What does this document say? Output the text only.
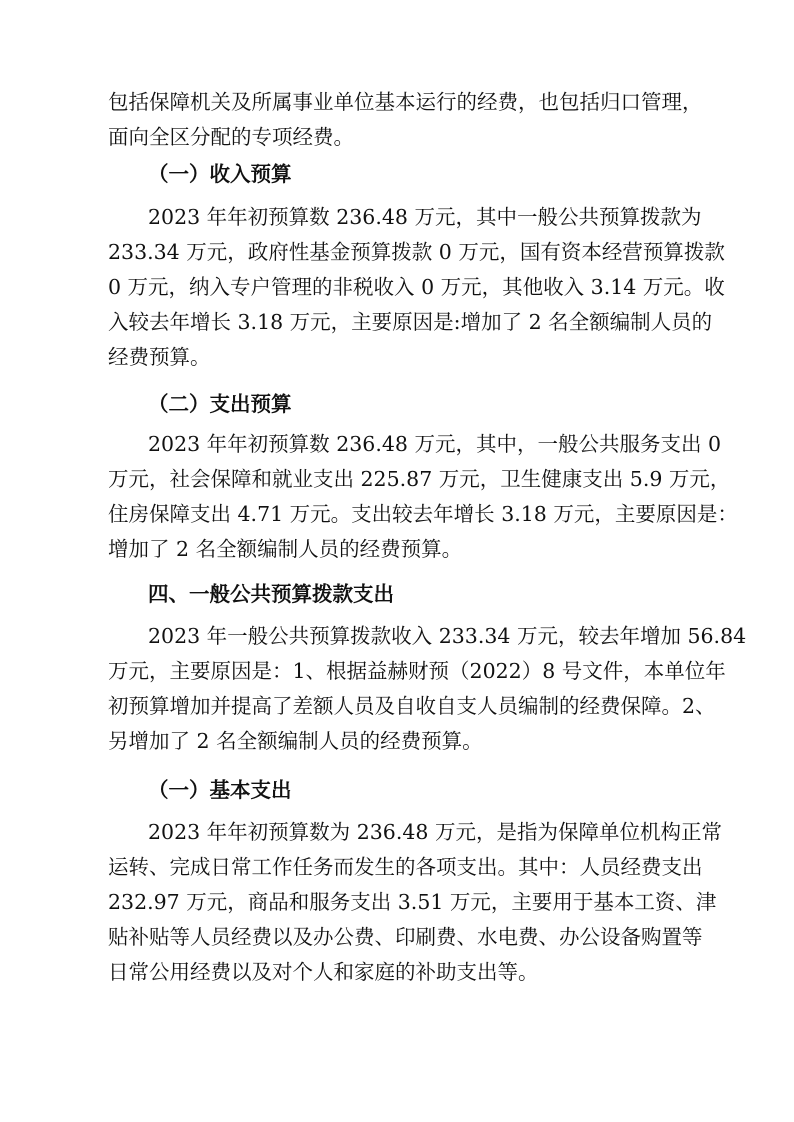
包括保障机关及所属事业单位基本运行的经费，也包括归口管理，
面向全区分配的专项经费。
（一）收入预算
2023 年年初预算数 236.48 万元，其中一般公共预算拨款为
233.34 万元，政府性基金预算拨款 0 万元，国有资本经营预算拨款
0 万元，纳入专户管理的非税收入 0 万元，其他收入 3.14 万元。收
入较去年增长 3.18 万元，主要原因是:增加了 2 名全额编制人员的
经费预算。
（二）支出预算
2023 年年初预算数 236.48 万元，其中，一般公共服务支出 0
万元，社会保障和就业支出 225.87 万元，卫生健康支出 5.9 万元，
住房保障支出 4.71 万元。支出较去年增长 3.18 万元，主要原因是：
增加了 2 名全额编制人员的经费预算。
四、一般公共预算拨款支出
2023 年一般公共预算拨款收入 233.34 万元，较去年增加 56.84
万元，主要原因是：1、根据益赫财预（2022）8 号文件，本单位年
初预算增加并提高了差额人员及自收自支人员编制的经费保障。2、
另增加了 2 名全额编制人员的经费预算。
（一）基本支出
2023 年年初预算数为 236.48 万元，是指为保障单位机构正常
运转、完成日常工作任务而发生的各项支出。其中：人员经费支出
232.97 万元，商品和服务支出 3.51 万元，主要用于基本工资、津
贴补贴等人员经费以及办公费、印刷费、水电费、办公设备购置等
日常公用经费以及对个人和家庭的补助支出等。
